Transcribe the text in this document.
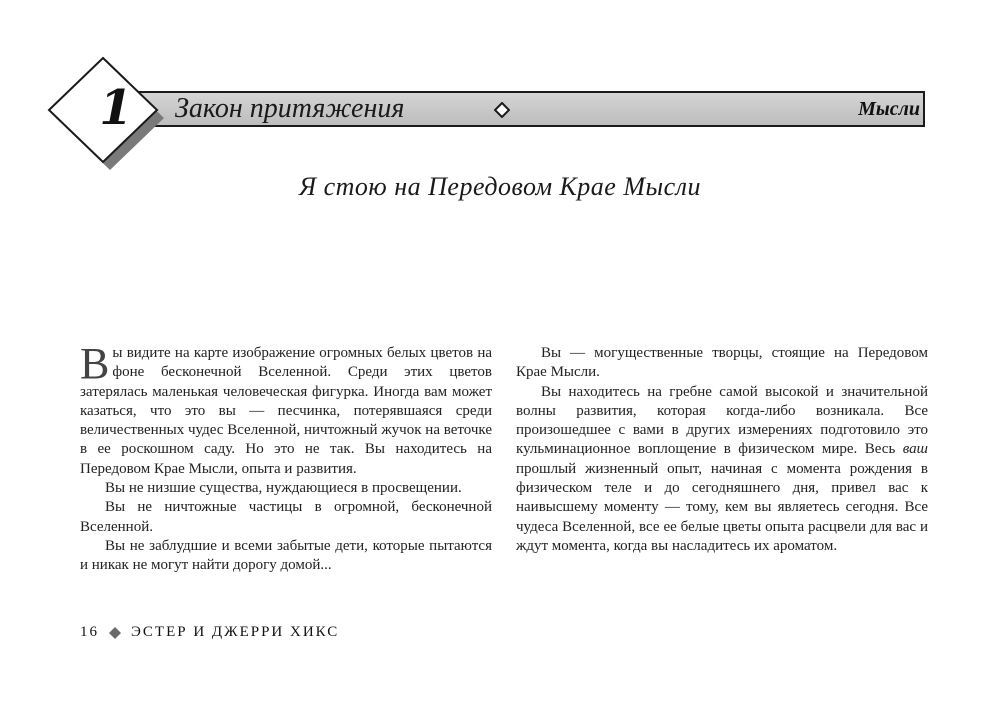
1 Закон притяжения	Мысли
Я стою на Передовом Крае Мысли

Вы видите на карте изображение огромных белых цветов на фоне бесконечной Вселенной. Среди этих цветов затерялась маленькая человеческая фигурка. Иногда вам может казаться, что это вы — песчинка, потерявшаяся среди величественных чудес Вселенной, ничтожный жучок на веточке в ее роскошном саду. Но это не так. Вы находитесь на Передовом Крае Мысли, опыта и развития.

Вы не низшие существа, нуждающиеся в просвещении.

Вы не ничтожные частицы в огромной, бесконечной Вселенной.

Вы не заблудшие и всеми забытые дети, которые пытаются и никак не могут найти дорогу домой...

Вы — могущественные творцы, стоящие на Передовом Крае Мысли.

Вы находитесь на гребне самой высокой и значительной волны развития, которая когда-либо возникала. Все произошедшее с вами в других измерениях подготовило это кульминационное воплощение в физическом мире. Весь ваш прошлый жизненный опыт, начиная с момента рождения в физическом теле и до сегодняшнего дня, привел вас к наивысшему моменту — тому, кем вы являетесь сегодня. Все чудеса Вселенной, все ее белые цветы опыта расцвели для вас и ждут момента, когда вы насладитесь их ароматом.

16 ЭСТЕР И ДЖЕРРИ ХИКС
